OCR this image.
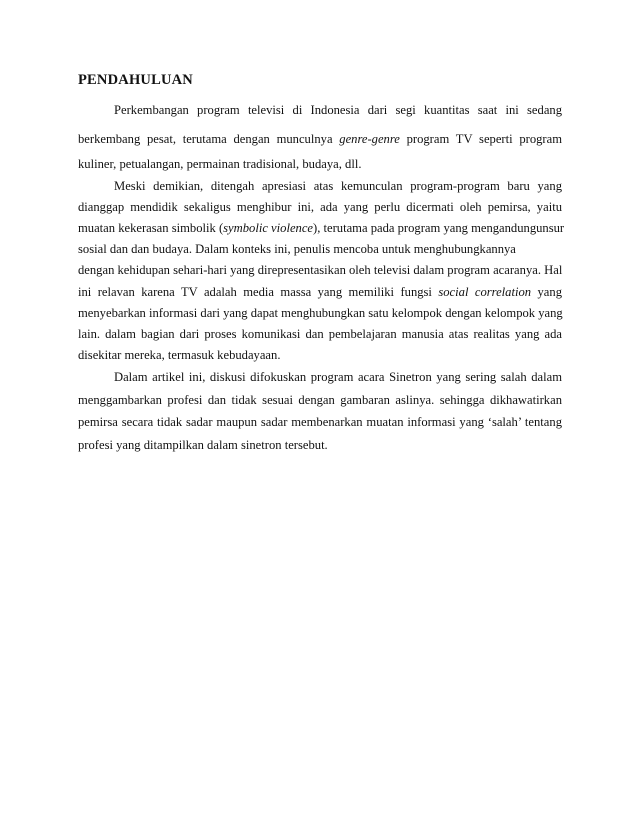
PENDAHULUAN
Perkembangan program televisi di Indonesia dari segi kuantitas saat ini sedang
berkembang pesat, terutama dengan munculnya genre-genre program TV seperti program
kuliner, petualangan, permainan tradisional, budaya, dll.
Meski demikian, ditengah apresiasi atas kemunculan program-program baru yang
dianggap mendidik sekaligus menghibur ini, ada yang perlu dicermati oleh pemirsa, yaitu
muatan kekerasan simbolik (symbolic violence), terutama pada program yang mengandungunsur
sosial dan dan budaya. Dalam konteks ini, penulis mencoba untuk menghubungkannya
dengan kehidupan sehari-hari yang direpresentasikan oleh televisi dalam program acaranya. Hal
ini relavan karena TV adalah media massa yang memiliki fungsi social correlation yang
menyebarkan informasi dari yang dapat menghubungkan satu kelompok dengan kelompok yang
lain. dalam bagian dari proses komunikasi dan pembelajaran manusia atas realitas yang ada
disekitar mereka, termasuk kebudayaan.
Dalam artikel ini, diskusi difokuskan program acara Sinetron yang sering salah dalam
menggambarkan profesi dan tidak sesuai dengan gambaran aslinya. sehingga dikhawatirkan
pemirsa secara tidak sadar maupun sadar membenarkan muatan informasi yang ‘salah’ tentang
profesi yang ditampilkan dalam sinetron tersebut.
